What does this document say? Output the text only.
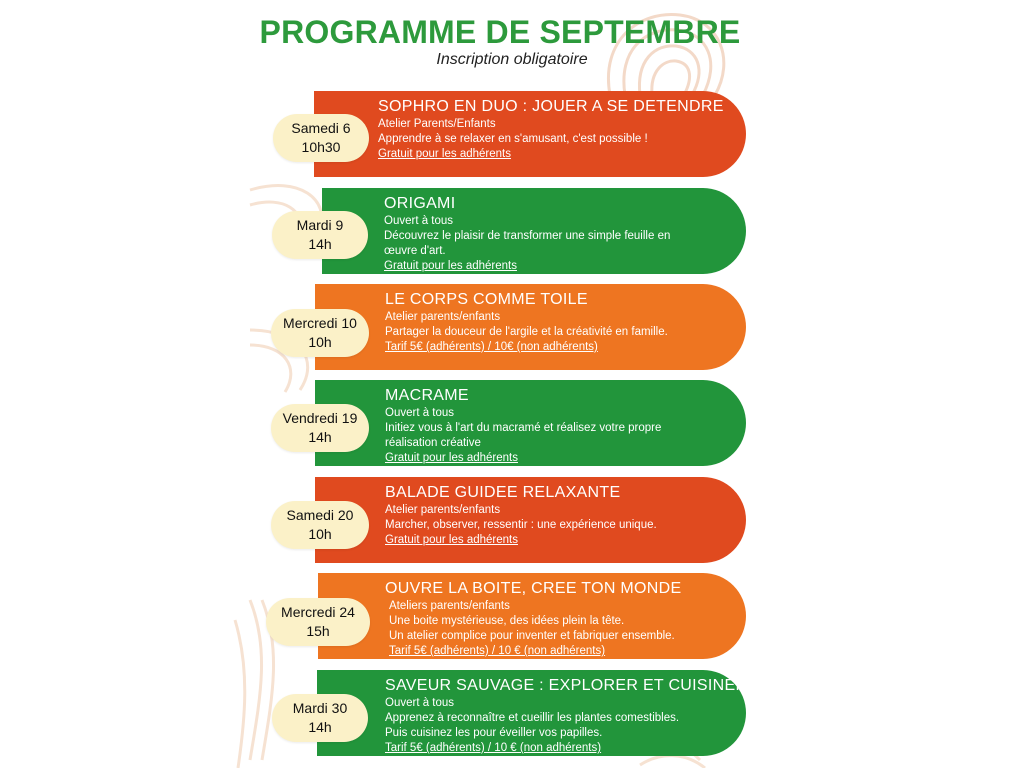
PROGRAMME DE SEPTEMBRE
Inscription obligatoire
SOPHRO EN DUO : JOUER A SE DETENDRE
Atelier Parents/Enfants
Apprendre à se relaxer en s'amusant, c'est possible !
Gratuit pour les adhérents
Samedi 6
10h30
ORIGAMI
Ouvert à tous
Découvrez le plaisir de transformer une simple feuille en
œuvre d'art.
Gratuit pour les adhérents
Mardi 9
14h
LE CORPS COMME TOILE
Atelier parents/enfants
Partager la douceur de l'argile et la créativité en famille.
Tarif 5€ (adhérents) / 10€ (non adhérents)
Mercredi 10
10h
MACRAME
Ouvert à tous
Initiez vous à l'art du macramé et réalisez votre propre
réalisation créative
Gratuit pour les adhérents
Vendredi 19
14h
BALADE GUIDEE RELAXANTE
Atelier parents/enfants
Marcher, observer, ressentir : une expérience unique.
Gratuit pour les adhérents
Samedi 20
10h
OUVRE LA BOITE, CREE TON MONDE
Ateliers parents/enfants
Une boite mystérieuse, des idées plein la tête.
Un atelier complice pour inventer et fabriquer ensemble.
Tarif 5€ (adhérents) / 10 € (non adhérents)
Mercredi 24
15h
SAVEUR SAUVAGE : EXPLORER ET CUISINER
Ouvert à tous
Apprenez à reconnaître et cueillir les plantes comestibles.
Puis cuisinez les pour éveiller vos papilles.
Tarif 5€ (adhérents) / 10 € (non adhérents)
Mardi 30
14h
